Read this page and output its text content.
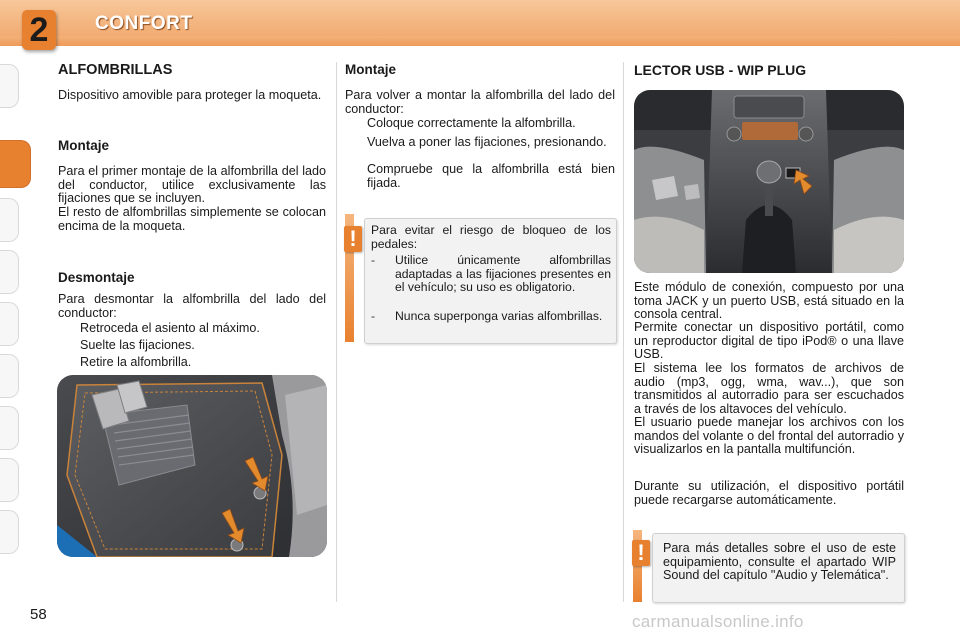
2	CONFORT
ALFOMBRILLAS

Dispositivo amovible para proteger la moqueta.

Montaje

Para el primer montaje de la alfombrilla del lado del conductor, utilice exclusivamente las fijaciones que se incluyen.

El resto de alfombrillas simplemente se colocan encima de la moqueta.

Desmontaje

Para desmontar la alfombrilla del lado del conductor:

Retroceda el asiento al máximo.
Suelte las fijaciones.
Retire la alfombrilla.
Montaje

Para volver a montar la alfombrilla del lado del conductor:

Coloque correctamente la alfombrilla.
Vuelva a poner las fijaciones, presionando.
Compruebe que la alfombrilla está bien fijada.
!	Para evitar el riesgo de bloqueo de los pedales:

- Utilice únicamente alfombrillas adaptadas a las fijaciones presentes en el vehículo; su uso es obligatorio.
- Nunca superponga varias alfombrillas.
LECTOR USB - WIP PLUG

Este módulo de conexión, compuesto por una toma JACK y un puerto USB, está situado en la consola central.

Permite conectar un dispositivo portátil, como un reproductor digital de tipo iPod® o una llave USB.

El sistema lee los formatos de archivos de audio (mp3, ogg, wma, wav...), que son transmitidos al autorradio para ser escuchados a través de los altavoces del vehículo.

El usuario puede manejar los archivos con los mandos del volante o del frontal del autorradio y visualizarlos en la pantalla multifunción.

Durante su utilización, el dispositivo portátil puede recargarse automáticamente.

!	Para más detalles sobre el uso de este equipamiento, consulte el apartado WIP Sound del capítulo "Audio y Telemática".

58	carmanualsonline.info
